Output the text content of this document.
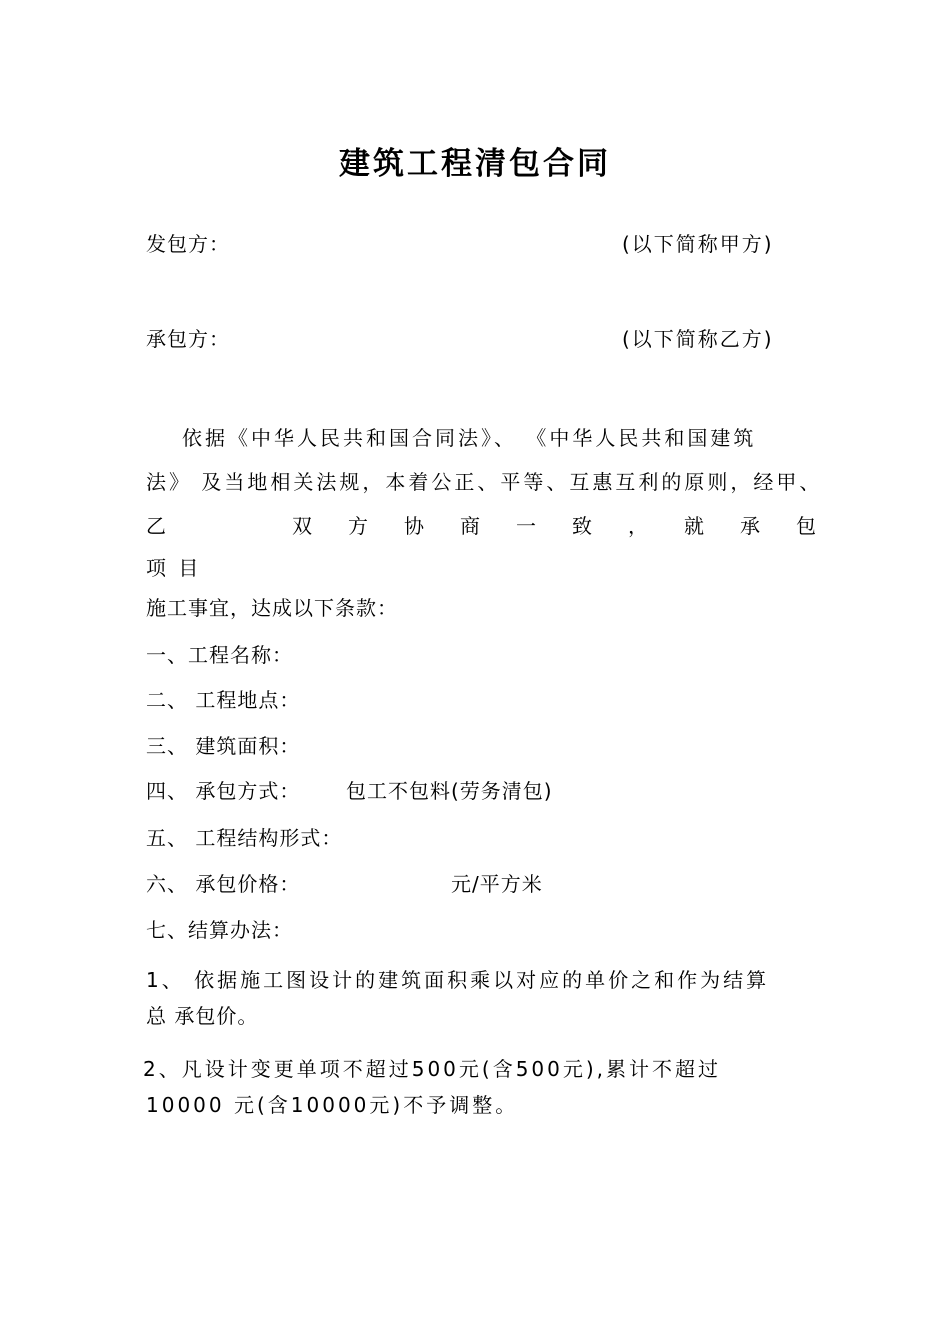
建筑工程清包合同
发包方：	(以下简称甲方)
承包方：	(以下简称乙方)
依据《中华人民共和国合同法》、 《中华人民共和国建筑
法》 及当地相关法规，本着公正、平等、互惠互利的原则，经甲、
乙	双 方 协 商 一 致 ， 就 承 包
项 目
施工事宜，达成以下条款：
一、工程名称：
二、 工程地点：
三、 建筑面积：
四、 承包方式： 包工不包料(劳务清包)
五、 工程结构形式：
六、 承包价格：	元/平方米
七、结算办法：
1、 依据施工图设计的建筑面积乘以对应的单价之和作为结算
总 承包价。
2、凡设计变更单项不超过500元(含500元),累计不超过
10000 元(含10000元)不予调整。
